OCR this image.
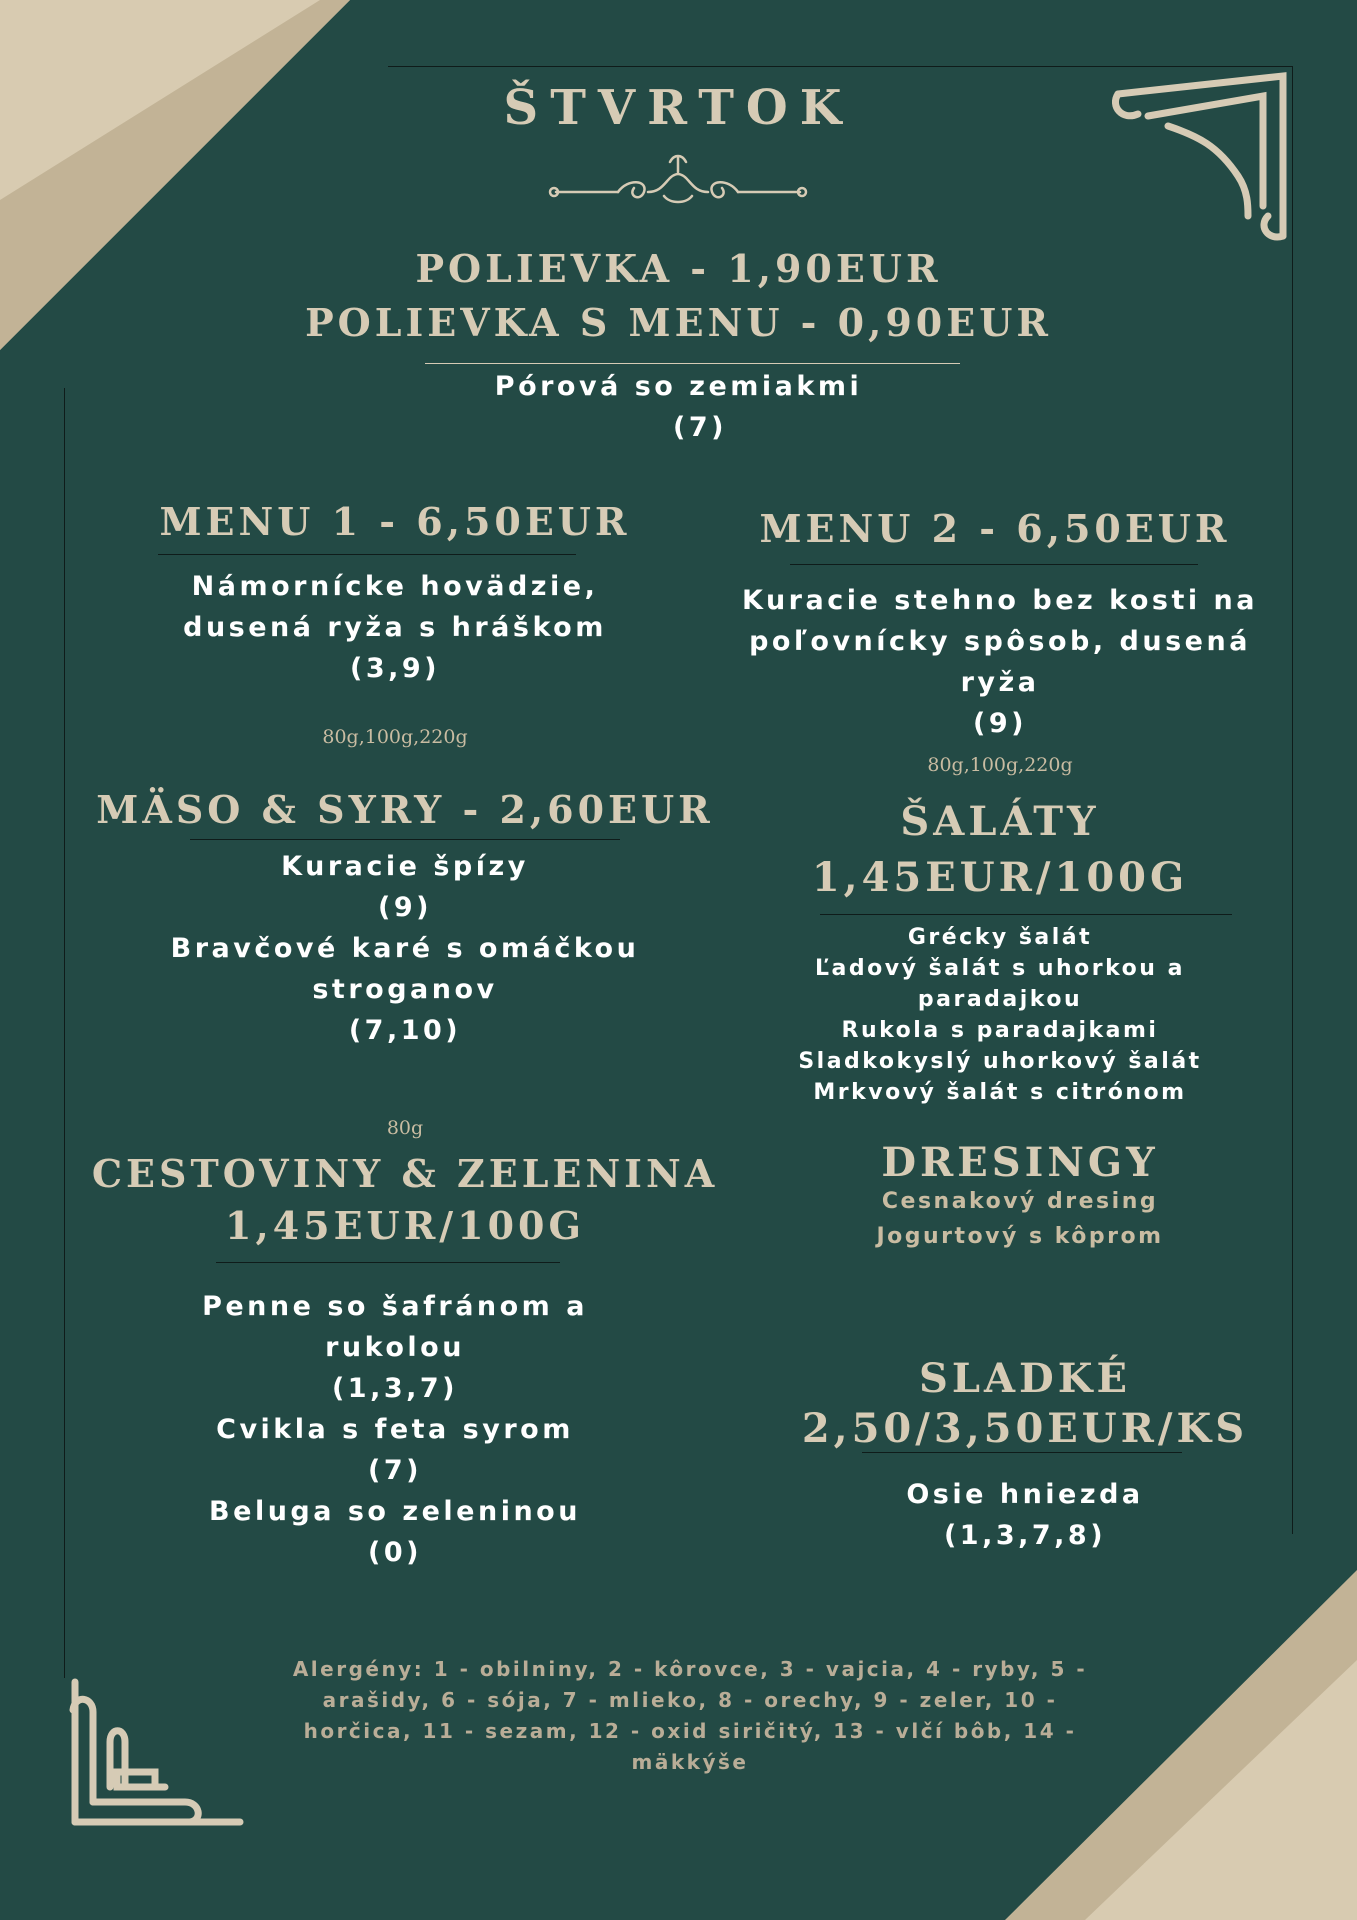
ŠTVRTOK
POLIEVKA - 1,90EUR
POLIEVKA S MENU - 0,90EUR
Pórová so zemiakmi
(7)
MENU 1 - 6,50EUR
Námornícke hovädzie,
dusená ryža s hráškom
(3,9)
80g,100g,220g
MENU 2 - 6,50EUR
Kuracie stehno bez kosti na
poľovnícky spôsob, dusená
ryža
(9)
80g,100g,220g
MÄSO & SYRY - 2,60EUR
Kuracie špízy
(9)
Bravčové karé s omáčkou
stroganov
(7,10)
80g
ŠALÁTY
1,45EUR/100G
Grécky šalát
Ľadový šalát s uhorkou a
paradajkou
Rukola s paradajkami
Sladkokyslý uhorkový šalát
Mrkvový šalát s citrónom
CESTOVINY & ZELENINA
1,45EUR/100G
Penne so šafránom a
rukolou
(1,3,7)
Cvikla s feta syrom
(7)
Beluga so zeleninou
(0)
DRESINGY
Cesnakový dresing
Jogurtový s kôprom
SLADKÉ
2,50/3,50EUR/KS
Osie hniezda
(1,3,7,8)
Alergény: 1 - obilniny, 2 - kôrovce, 3 - vajcia, 4 - ryby, 5 -
arašidy, 6 - sója, 7 - mlieko, 8 - orechy, 9 - zeler, 10 -
horčica, 11 - sezam, 12 - oxid siričitý, 13 - vlčí bôb, 14 -
mäkkýše
